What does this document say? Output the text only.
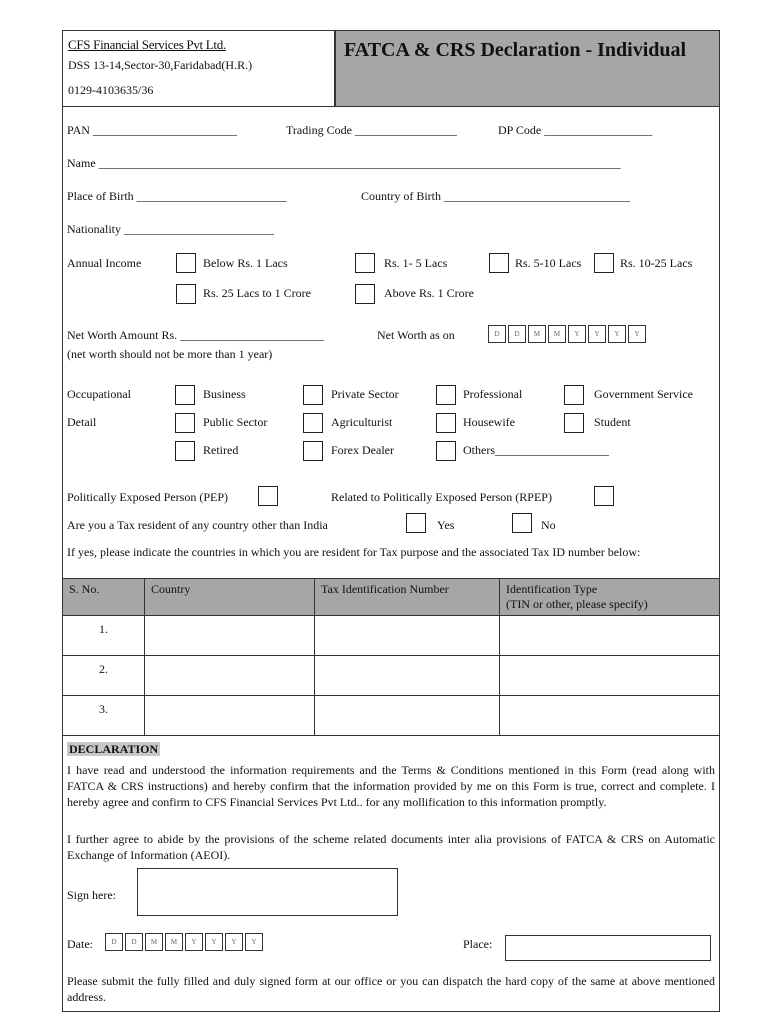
CFS Financial Services Pvt Ltd.
DSS 13-14,Sector-30,Faridabad(H.R.)
0129-4103635/36
FATCA & CRS Declaration - Individual
PAN ________________________	Trading Code _________________	DP Code __________________
Name _______________________________________________________________________________________
Place of Birth _________________________	Country of Birth _______________________________
Nationality _________________________
Annual Income	Below Rs. 1 Lacs	Rs. 1- 5 Lacs	Rs. 5-10 Lacs	Rs. 10-25 Lacs
Rs. 25 Lacs to 1 Crore	Above Rs. 1 Crore
Net Worth Amount Rs. ________________________	Net Worth as on	D	D	M	M	Y	Y	Y	Y
(net worth should not be more than 1 year)
Occupational
Detail
Business	Private Sector	Professional	Government Service
Public Sector	Agriculturist	Housewife	Student
Retired	Forex Dealer	Others___________________
Politically Exposed Person (PEP)	Related to Politically Exposed Person (RPEP)
Are you a Tax resident of any country other than India	Yes	No
If yes, please indicate the countries in which you are resident for Tax purpose and the associated Tax ID number below:
S. No.	Country	Tax Identification Number	Identification Type
(TIN or other, please specify)
1.			
2.			
3.			
DECLARATION
I have read and understood the information requirements and the Terms & Conditions mentioned in this Form (read along with FATCA & CRS instructions) and hereby confirm that the information provided by me on this Form is true, correct and complete. I hereby agree and confirm to CFS Financial Services Pvt Ltd.. for any mollification to this information promptly.
I further agree to abide by the provisions of the scheme related documents inter alia provisions of FATCA & CRS on Automatic Exchange of Information (AEOI).
Sign here:
Date:	D	D	M	M	Y	Y	Y	Y	Place:
Please submit the fully filled and duly signed form at our office or you can dispatch the hard copy of the same at above mentioned address.
